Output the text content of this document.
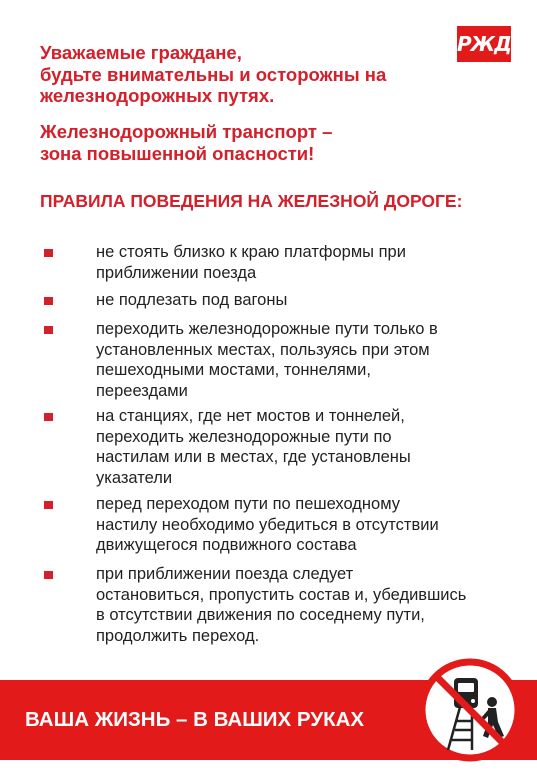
РЖД
Уважаемые граждане,
будьте внимательны и осторожны на
железнодорожных путях.
Железнодорожный транспорт –
зона повышенной опасности!
ПРАВИЛА ПОВЕДЕНИЯ НА ЖЕЛЕЗНОЙ ДОРОГЕ:
не стоять близко к краю платформы при
приближении поезда
не подлезать под вагоны
переходить железнодорожные пути только в
установленных местах, пользуясь при этом
пешеходными мостами, тоннелями,
переездами
на станциях, где нет мостов и тоннелей,
переходить железнодорожные пути по
настилам или в местах, где установлены
указатели
перед переходом пути по пешеходному
настилу необходимо убедиться в отсутствии
движущегося подвижного состава
при приближении поезда следует
остановиться, пропустить состав и, убедившись
в отсутствии движения по соседнему пути,
продолжить переход.
ВАША ЖИЗНЬ – В ВАШИХ РУКАХ
